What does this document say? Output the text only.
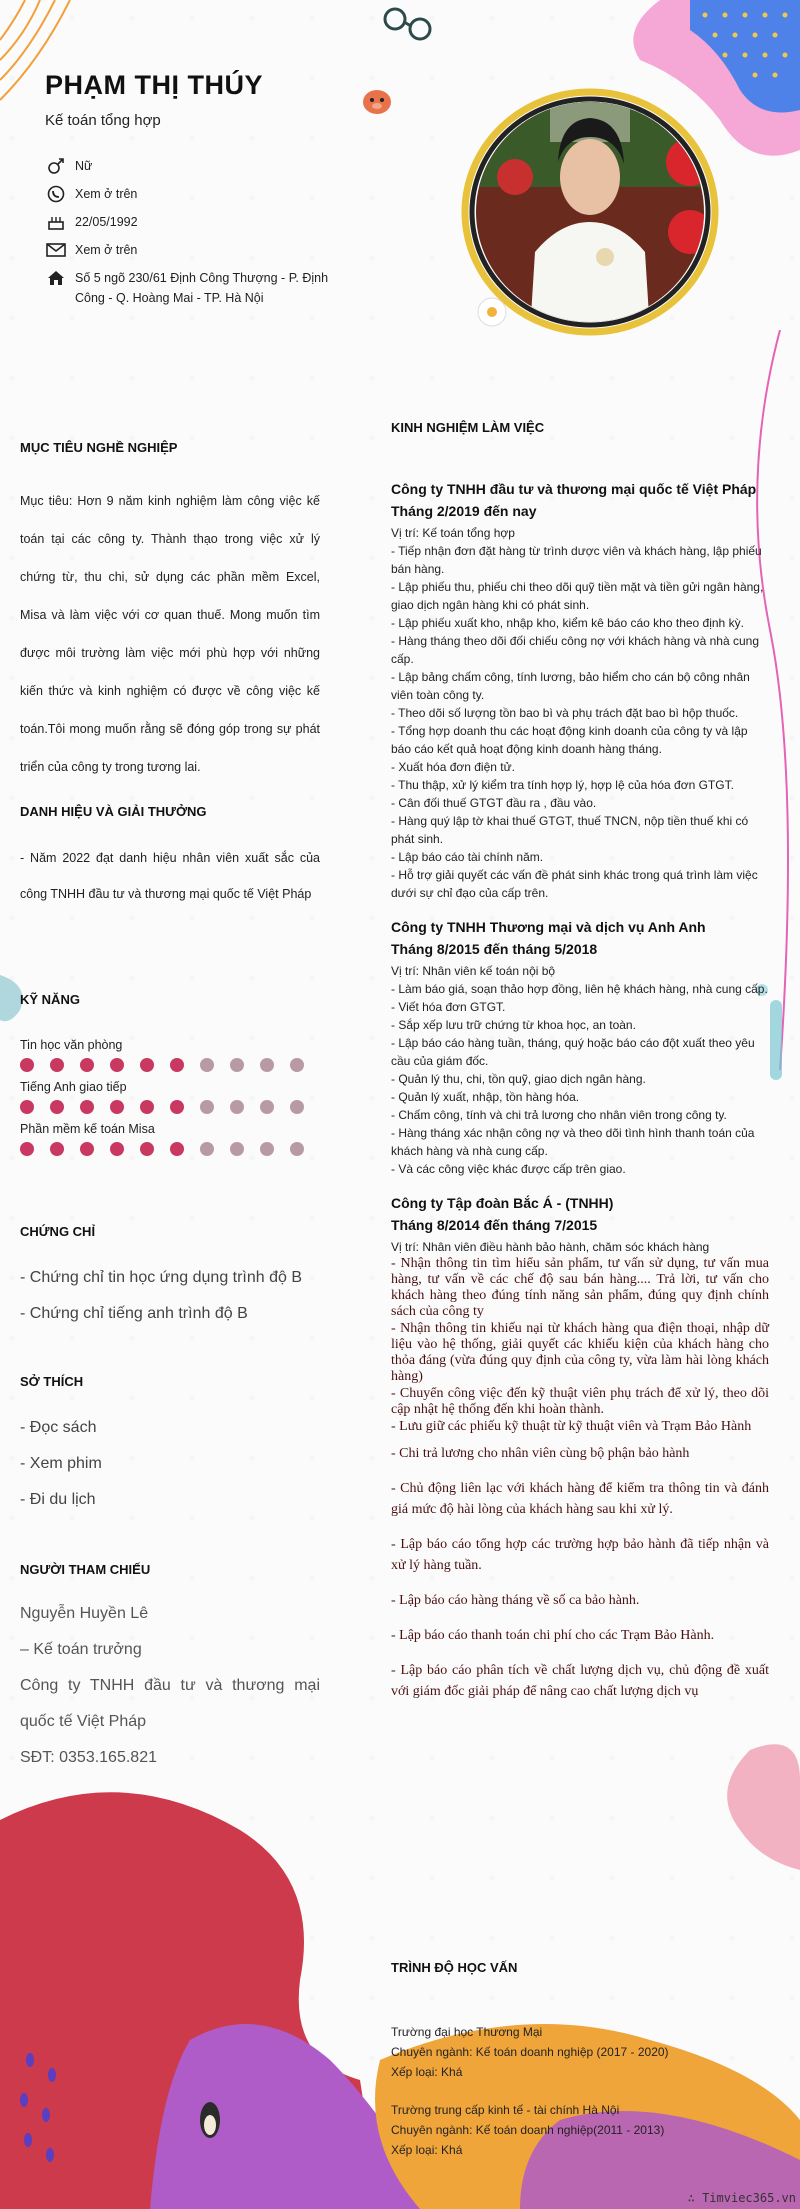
PHẠM THỊ THÚY
Kế toán tổng hợp
Nữ
Xem ở trên
22/05/1992
Xem ở trên
Số 5 ngõ 230/61 Định Công Thượng - P. Định Công - Q. Hoàng Mai - TP. Hà Nội
MỤC TIÊU NGHỀ NGHIỆP
Mục tiêu: Hơn 9 năm kinh nghiệm làm công việc kế toán tại các công ty. Thành thạo trong việc xử lý chứng từ, thu chi, sử dụng các phần mềm Excel, Misa và làm việc với cơ quan thuế. Mong muốn tìm được môi trường làm việc mới phù hợp với những kiến thức và kinh nghiệm có được về công việc kế toán.Tôi mong muốn rằng sẽ đóng góp trong sự phát triển của công ty trong tương lai.
DANH HIỆU VÀ GIẢI THƯỞNG
- Năm 2022 đạt danh hiệu nhân viên xuất sắc của công TNHH đầu tư và thương mại quốc tế Việt Pháp
KỸ NĂNG
Tin học văn phòng
Tiếng Anh giao tiếp
Phần mềm kế toán Misa
CHỨNG CHỈ
- Chứng chỉ tin học ứng dụng trình độ B
- Chứng chỉ tiếng anh trình độ B
SỞ THÍCH
- Đọc sách
- Xem phim
- Đi du lịch
NGƯỜI THAM CHIẾU
Nguyễn Huyền Lê
– Kế toán trưởng
Công ty TNHH đầu tư và thương mại quốc tế Việt Pháp
SĐT: 0353.165.821
KINH NGHIỆM LÀM VIỆC
Công ty TNHH đầu tư và thương mại quốc tế Việt Pháp
Tháng 2/2019 đến nay
Vị trí: Kế toán tổng hợp
- Tiếp nhận đơn đặt hàng từ trình dược viên và khách hàng, lập phiếu bán hàng.
- Lập phiếu thu, phiếu chi theo dõi quỹ tiền mặt và tiền gửi ngân hàng, giao dịch ngân hàng khi có phát sinh.
- Lập phiếu xuất kho, nhập kho, kiểm kê báo cáo kho theo định kỳ.
- Hàng tháng theo dõi đối chiếu công nợ với khách hàng và nhà cung cấp.
- Lập bảng chấm công, tính lương, bảo hiểm cho cán bộ công nhân viên toàn công ty.
- Theo dõi số lượng tồn bao bì và phụ trách đặt bao bì hộp thuốc.
- Tổng hợp doanh thu các hoạt động kinh doanh của công ty và lập báo cáo kết quả hoạt động kinh doanh hàng tháng.
- Xuất hóa đơn điện tử.
- Thu thập, xử lý kiểm tra tính hợp lý, hợp lệ của hóa đơn GTGT.
- Cân đối thuế GTGT đầu ra , đầu vào.
- Hàng quý lập tờ khai thuế GTGT, thuế TNCN, nộp tiền thuế khi có phát sinh.
- Lập báo cáo tài chính năm.
- Hỗ trợ giải quyết các vấn đề phát sinh khác trong quá trình làm việc dưới sự chỉ đạo của cấp trên.
Công ty TNHH Thương mại và dịch vụ Anh Anh
Tháng 8/2015 đến tháng 5/2018
Vị trí: Nhân viên kế toán nội bộ
- Làm báo giá, soạn thảo hợp đồng, liên hệ khách hàng, nhà cung cấp.
- Viết hóa đơn GTGT.
- Sắp xếp lưu trữ chứng từ khoa học, an toàn.
- Lập báo cáo hàng tuần, tháng, quý hoặc báo cáo đột xuất theo yêu cầu của giám đốc.
- Quản lý thu, chi, tồn quỹ, giao dịch ngân hàng.
- Quản lý xuất, nhập, tồn hàng hóa.
- Chấm công, tính và chi trả lương cho nhân viên trong công ty.
- Hàng tháng xác nhận công nợ và theo dõi tình hình thanh toán của khách hàng và nhà cung cấp.
- Và các công việc khác được cấp trên giao.
Công ty Tập đoàn Bắc Á - (TNHH)
Tháng 8/2014 đến tháng 7/2015
Vị trí: Nhân viên điều hành bảo hành, chăm sóc khách hàng
- Nhận thông tin tìm hiểu sản phẩm, tư vấn sử dụng, tư vấn mua hàng, tư vấn về các chế độ sau bán hàng.... Trả lời, tư vấn cho khách hàng theo đúng tính năng sản phẩm, đúng quy định chính sách của công ty
- Nhận thông tin khiếu nại từ khách hàng qua điện thoại, nhập dữ liệu vào hệ thống, giải quyết các khiếu kiện của khách hàng cho thỏa đáng (vừa đúng quy định của công ty, vừa làm hài lòng khách hàng)
- Chuyển công việc đến kỹ thuật viên phụ trách để xử lý, theo dõi cập nhật hệ thống đến khi hoàn thành.
- Lưu giữ các phiếu kỹ thuật từ kỹ thuật viên và Trạm Bảo Hành
- Chi trả lương cho nhân viên cùng bộ phận bảo hành
- Chủ động liên lạc với khách hàng để kiểm tra thông tin và đánh giá mức độ hài lòng của khách hàng sau khi xử lý.
- Lập báo cáo tổng hợp các trường hợp bảo hành đã tiếp nhận và xử lý hàng tuần.
- Lập báo cáo hàng tháng về số ca bảo hành.
- Lập báo cáo thanh toán chi phí cho các Trạm Bảo Hành.
- Lập báo cáo phân tích về chất lượng dịch vụ, chủ động đề xuất với giám đốc giải pháp để nâng cao chất lượng dịch vụ
TRÌNH ĐỘ HỌC VẤN
Trường đại học Thương Mại
Chuyên ngành: Kế toán doanh nghiệp (2017 - 2020)
Xếp loại: Khá
Trường trung cấp kinh tế - tài chính Hà Nội
Chuyên ngành: Kế toán doanh nghiệp(2011 - 2013)
Xếp loại: Khá
∴ Timviec365.vn
